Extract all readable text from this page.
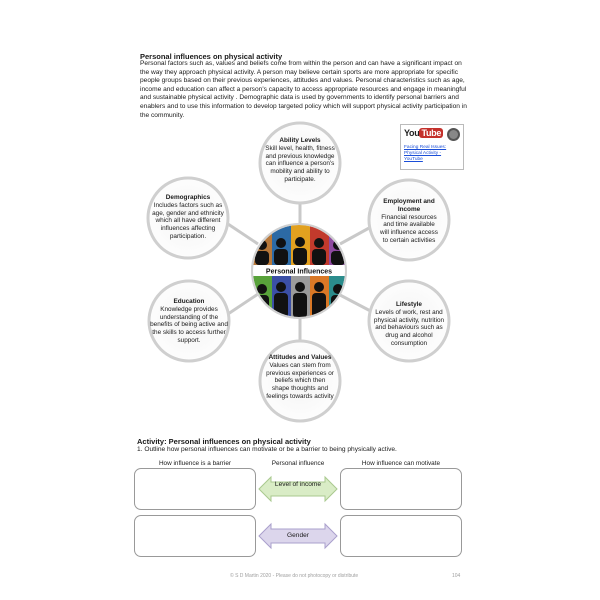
Personal influences on physical activity
Personal factors such as, values and beliefs come from within the person and can have a significant impact on the way they approach physical activity. A person may believe certain sports are more appropriate for specific people groups based on their previous experiences, attitudes and values. Personal characteristics such as age, income and education can affect a person's capacity to access appropriate resources and engage in meaningful and sustainable physical activity . Demographic data is used by governments to identify personal barriers and enablers and to use this information to develop targeted policy which will support physical activity participation in the community.
You Tube
Facing Real Issues: Physical Activity - YouTube
Personal Influences
Ability Levels
Skill level, health, fitness and previous knowledge can influence a person's mobility and ability to participate.
Employment and Income
Financial resources and time available will influence access to certain activities
Lifestyle
Levels of work, rest and physical activity, nutrition and behaviours such as drug and alcohol consumption
Attitudes and Values
Values can stem from previous experiences or beliefs which then shape thoughts and feelings towards activity
Education
Knowledge provides understanding of the benefits of being active and the skills to access further support.
Demographics
Includes factors such as age, gender and ethnicity which all have different influences affecting participation.
Activity: Personal influences on physical activity
1. Outline how personal influences can motivate or be a barrier to being physically active.
How influence is a barrier	Personal influence	How influence can motivate
Level of income
Gender
© S D Martin 2020 - Please do not photocopy or distribute	104
